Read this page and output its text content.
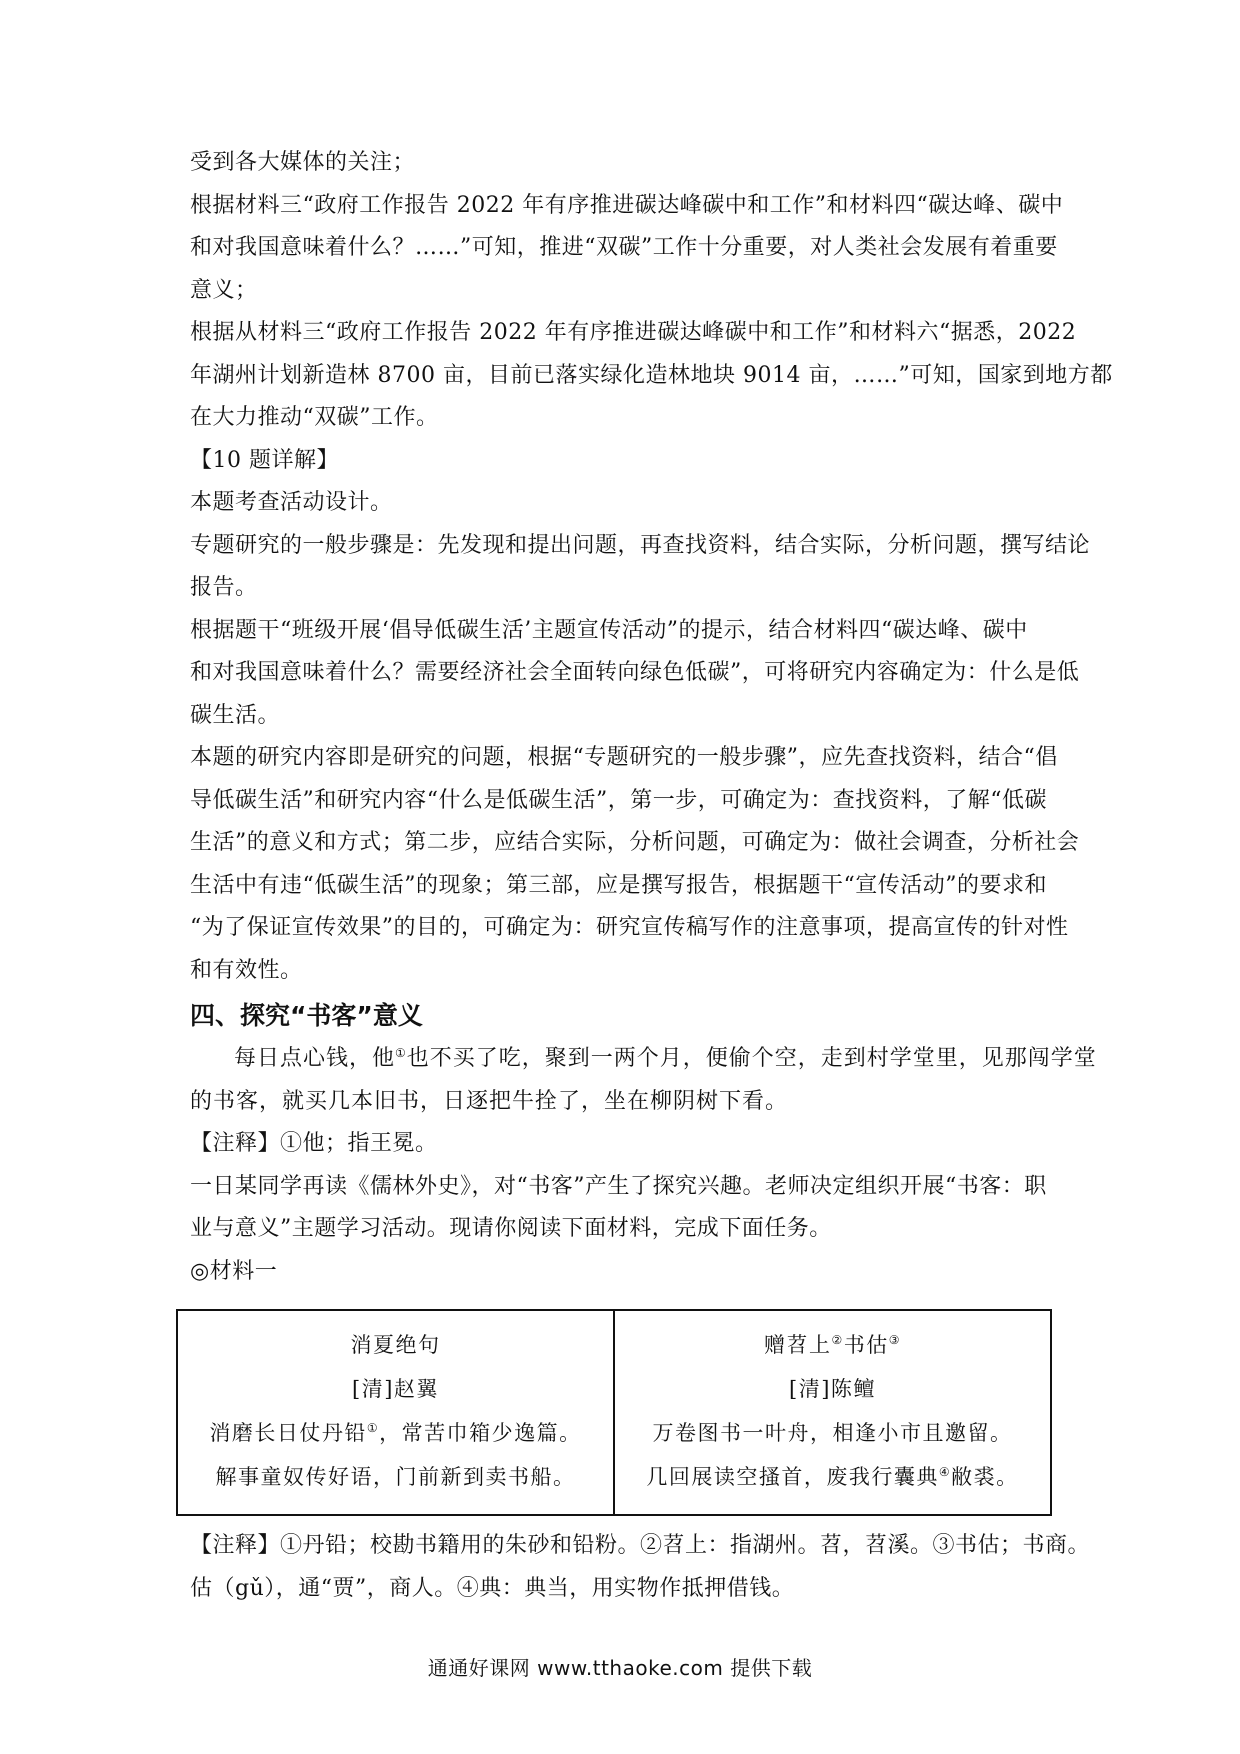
受到各大媒体的关注；
根据材料三“政府工作报告 2022 年有序推进碳达峰碳中和工作”和材料四“碳达峰、碳中
和对我国意味着什么？……”可知，推进“双碳”工作十分重要，对人类社会发展有着重要
意义；
根据从材料三“政府工作报告 2022 年有序推进碳达峰碳中和工作”和材料六“据悉，2022
年湖州计划新造林 8700 亩，目前已落实绿化造林地块 9014 亩，……”可知，国家到地方都
在大力推动“双碳”工作。
【10 题详解】
本题考查活动设计。
专题研究的一般步骤是：先发现和提出问题，再查找资料，结合实际，分析问题，撰写结论
报告。
根据题干“班级开展‘倡导低碳生活’主题宣传活动”的提示，结合材料四“碳达峰、碳中
和对我国意味着什么？需要经济社会全面转向绿色低碳”，可将研究内容确定为：什么是低
碳生活。
本题的研究内容即是研究的问题，根据“专题研究的一般步骤”，应先查找资料，结合“倡
导低碳生活”和研究内容“什么是低碳生活”，第一步，可确定为：查找资料，了解“低碳
生活”的意义和方式；第二步，应结合实际，分析问题，可确定为：做社会调查，分析社会
生活中有违“低碳生活”的现象；第三部，应是撰写报告，根据题干“宣传活动”的要求和
“为了保证宣传效果”的目的，可确定为：研究宣传稿写作的注意事项，提高宣传的针对性
和有效性。
四、探究“书客”意义
每日点心钱，他①也不买了吃，聚到一两个月，便偷个空，走到村学堂里，见那闯学堂
的书客，就买几本旧书，日逐把牛拴了，坐在柳阴树下看。
【注释】①他；指王冕。
一日某同学再读《儒林外史》，对“书客”产生了探究兴趣。老师决定组织开展“书客：职
业与意义”主题学习活动。现请你阅读下面材料，完成下面任务。
◎材料一
消夏绝句
[清]赵翼
消磨长日仗丹铅①，常苦巾箱少逸篇。
解事童奴传好语，门前新到卖书船。
赠苕上②书估③
[清]陈鳣
万卷图书一叶舟，相逢小市且邀留。
几回展读空搔首，废我行囊典④敝裘。
【注释】①丹铅；校勘书籍用的朱砂和铅粉。②苕上：指湖州。苕，苕溪。③书估；书商。
估（gǔ），通“贾”，商人。④典：典当，用实物作抵押借钱。
通通好课网 www.tthaoke.com 提供下载
